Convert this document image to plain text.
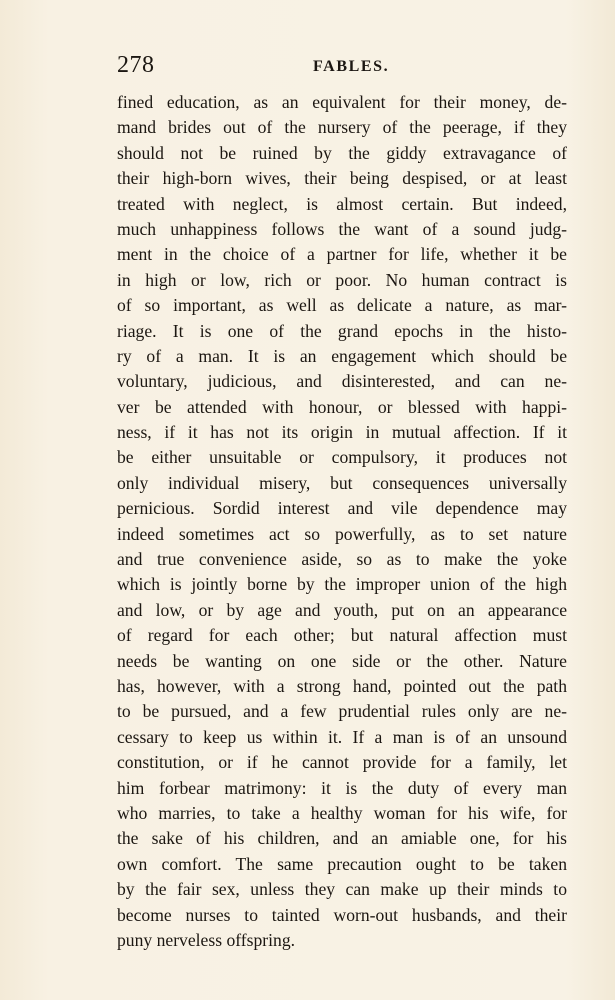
278	FABLES.
fined education, as an equivalent for their money, de-
mand brides out of the nursery of the peerage, if they
should not be ruined by the giddy extravagance of
their high-born wives, their being despised, or at least
treated with neglect, is almost certain. But indeed,
much unhappiness follows the want of a sound judg-
ment in the choice of a partner for life, whether it be
in high or low, rich or poor. No human contract is
of so important, as well as delicate a nature, as mar-
riage. It is one of the grand epochs in the histo-
ry of a man. It is an engagement which should be
voluntary, judicious, and disinterested, and can ne-
ver be attended with honour, or blessed with happi-
ness, if it has not its origin in mutual affection. If it
be either unsuitable or compulsory, it produces not
only individual misery, but consequences universally
pernicious. Sordid interest and vile dependence may
indeed sometimes act so powerfully, as to set nature
and true convenience aside, so as to make the yoke
which is jointly borne by the improper union of the high
and low, or by age and youth, put on an appearance
of regard for each other; but natural affection must
needs be wanting on one side or the other. Nature
has, however, with a strong hand, pointed out the path
to be pursued, and a few prudential rules only are ne-
cessary to keep us within it. If a man is of an unsound
constitution, or if he cannot provide for a family, let
him forbear matrimony: it is the duty of every man
who marries, to take a healthy woman for his wife, for
the sake of his children, and an amiable one, for his
own comfort. The same precaution ought to be taken
by the fair sex, unless they can make up their minds to
become nurses to tainted worn-out husbands, and their
puny nerveless offspring.
